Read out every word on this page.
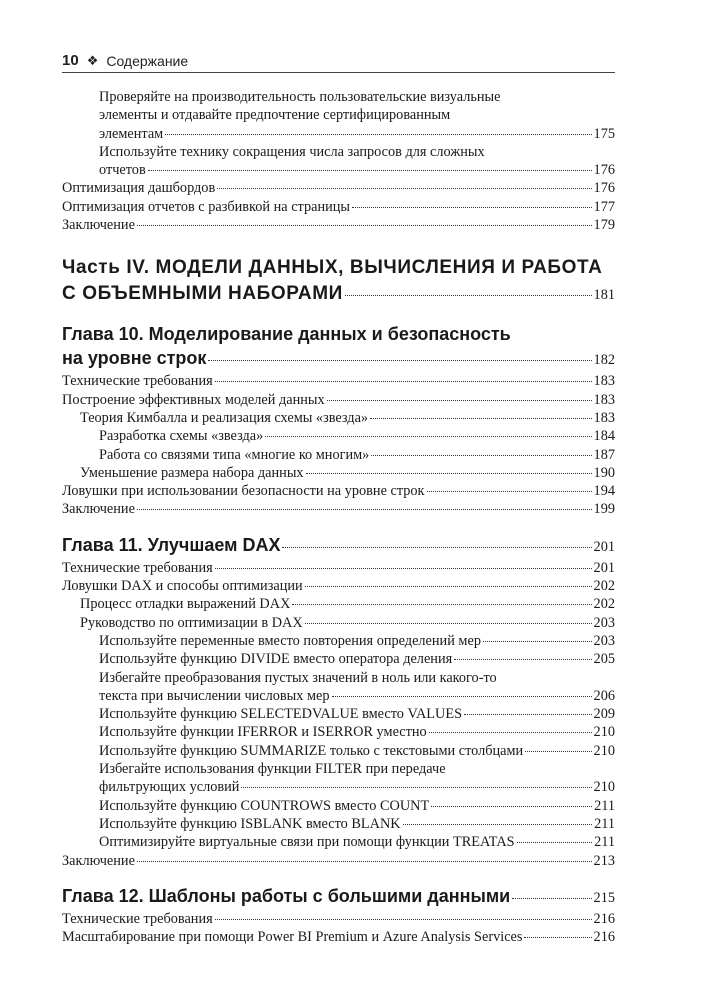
10 ❖ Содержание
Проверяйте на производительность пользовательские визуальные
элементы и отдавайте предпочтение сертифицированным
элементам	175
Используйте технику сокращения числа запросов для сложных
отчетов	176
Оптимизация дашбордов	176
Оптимизация отчетов с разбивкой на страницы	177
Заключение	179
Часть IV. МОДЕЛИ ДАННЫХ, ВЫЧИСЛЕНИЯ И РАБОТА
С ОБЪЕМНЫМИ НАБОРАМИ	181
Глава 10. Моделирование данных и безопасность
на уровне строк	182
Технические требования	183
Построение эффективных моделей данных	183
Теория Кимбалла и реализация схемы «звезда»	183
Разработка схемы «звезда»	184
Работа со связями типа «многие ко многим»	187
Уменьшение размера набора данных	190
Ловушки при использовании безопасности на уровне строк	194
Заключение	199
Глава 11. Улучшаем DAX	201
Технические требования	201
Ловушки DAX и способы оптимизации	202
Процесс отладки выражений DAX	202
Руководство по оптимизации в DAX	203
Используйте переменные вместо повторения определений мер	203
Используйте функцию DIVIDE вместо оператора деления	205
Избегайте преобразования пустых значений в ноль или какого-то
текста при вычислении числовых мер	206
Используйте функцию SELECTEDVALUE вместо VALUES	209
Используйте функции IFERROR и ISERROR уместно	210
Используйте функцию SUMMARIZE только с текстовыми столбцами	210
Избегайте использования функции FILTER при передаче
фильтрующих условий	210
Используйте функцию COUNTROWS вместо COUNT	211
Используйте функцию ISBLANK вместо BLANK	211
Оптимизируйте виртуальные связи при помощи функции TREATAS	211
Заключение	213
Глава 12. Шаблоны работы с большими данными	215
Технические требования	216
Масштабирование при помощи Power BI Premium и Azure Analysis Services	216
